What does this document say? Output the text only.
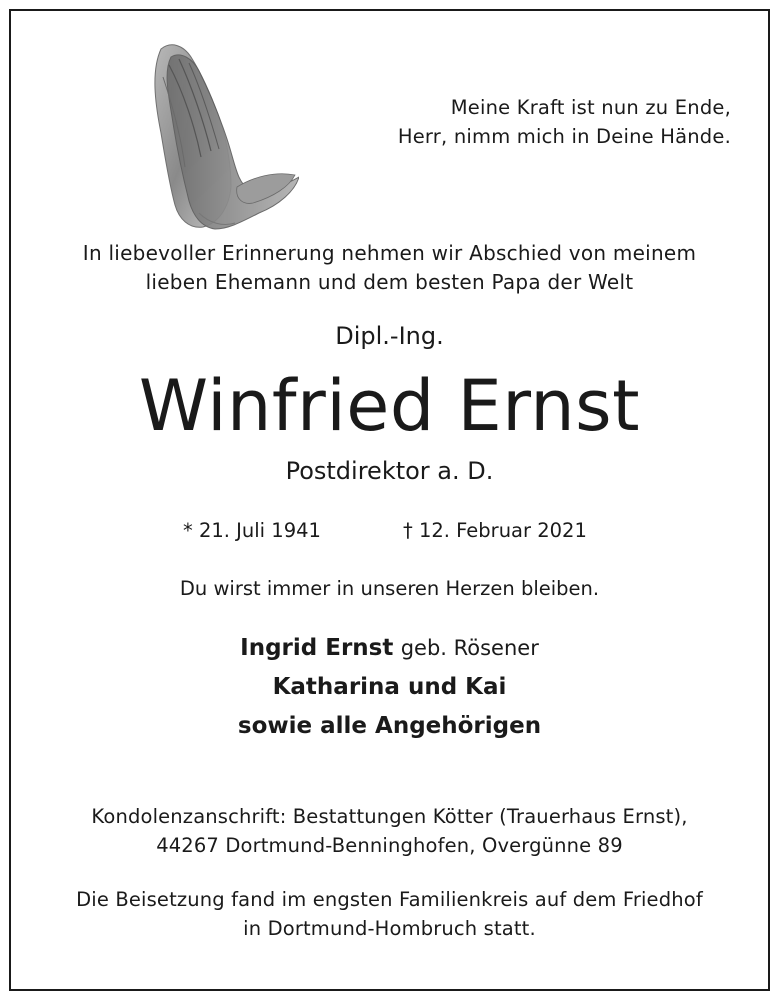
Meine Kraft ist nun zu Ende,
Herr, nimm mich in Deine Hände.
In liebevoller Erinnerung nehmen wir Abschied von meinem
lieben Ehemann und dem besten Papa der Welt
Dipl.-Ing.
Winfried Ernst
Postdirektor a. D.
* 21. Juli 1941	† 12. Februar 2021
Du wirst immer in unseren Herzen bleiben.
Ingrid Ernst geb. Rösener
Katharina und Kai
sowie alle Angehörigen
Kondolenzanschrift: Bestattungen Kötter (Trauerhaus Ernst),
44267 Dortmund-Benninghofen, Overgünne 89
Die Beisetzung fand im engsten Familienkreis auf dem Friedhof
in Dortmund-Hombruch statt.
